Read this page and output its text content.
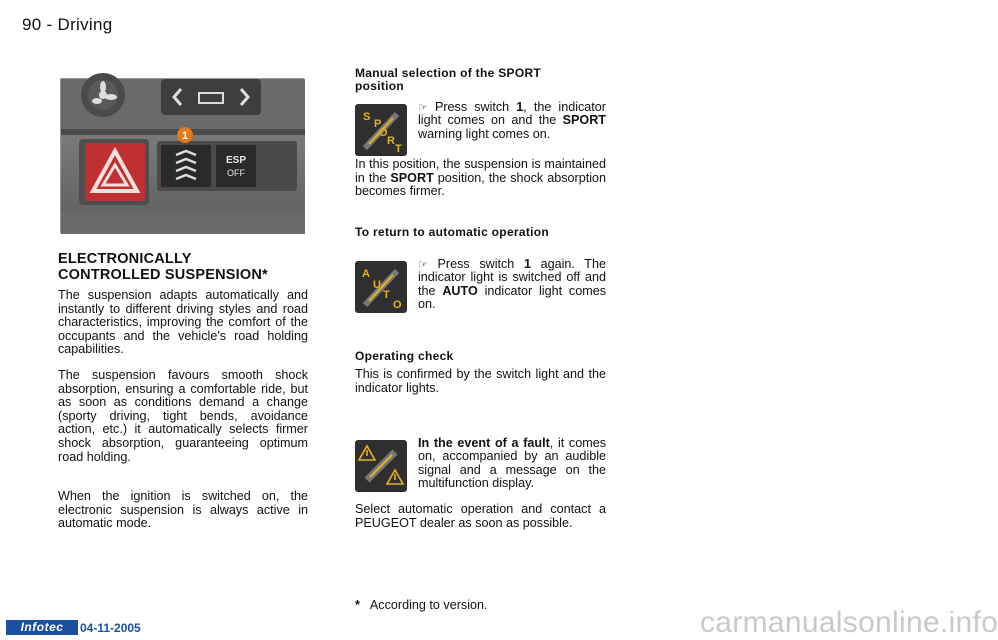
90 - Driving
1
ESP
OFF
ELECTRONICALLY
CONTROLLED SUSPENSION*

The suspension adapts automatically and instantly to different driving styles and road characteristics, improving the comfort of the occupants and the vehicle's road holding capabilities.

The suspension favours smooth shock absorption, ensuring a comfortable ride, but as soon as conditions demand a change (sporty driving, tight bends, avoidance action, etc.) it automatically selects firmer shock absorption, guaranteeing optimum road holding.

When the ignition is switched on, the electronic suspension is always active in automatic mode.

Manual selection of the SPORT
position
S
P
O
R
T

☞ Press switch 1, the indicator light comes on and the SPORT warning light comes on.

In this position, the suspension is maintained in the SPORT position, the shock absorption becomes firmer.

To return to automatic operation
A
U
T
O

☞ Press switch 1 again. The indicator light is switched off and the AUTO indicator light comes on.

Operating check

This is confirmed by the switch light and the indicator lights.

In the event of a fault, it comes on, accompanied by an audible signal and a message on the multifunction display.

Select automatic operation and contact a PEUGEOT dealer as soon as possible.

* According to version.
Infotec	04-11-2005	carmanualsonline.info
